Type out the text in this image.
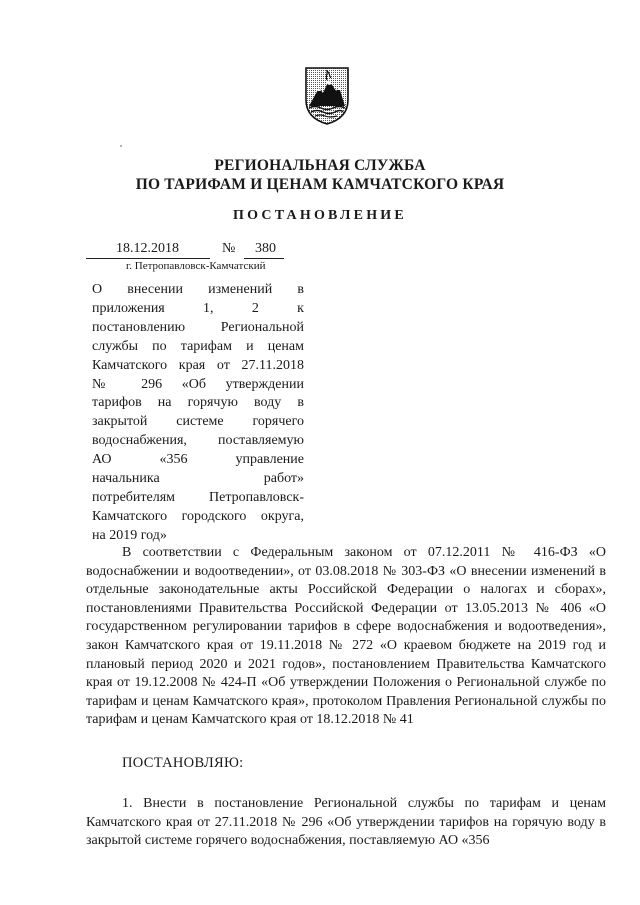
РЕГИОНАЛЬНАЯ СЛУЖБА
ПО ТАРИФАМ И ЦЕНАМ КАМЧАТСКОГО КРАЯ
ПОСТАНОВЛЕНИЕ
18.12.2018	№ 380
г. Петропавловск-Камчатский
О внесении изменений в
приложения 1, 2 к
постановлению Региональной
службы по тарифам и ценам
Камчатского края от 27.11.2018
№ 296 «Об утверждении
тарифов на горячую воду в
закрытой системе горячего
водоснабжения, поставляемую
АО «356 управление
начальника работ»
потребителям Петропавловск-
Камчатского городского округа,
на 2019 год»
В соответствии с Федеральным законом от 07.12.2011 № 416-ФЗ «О водоснабжении и водоотведении», от 03.08.2018 № 303-ФЗ «О внесении изменений в отдельные законодательные акты Российской Федерации о налогах и сборах», постановлениями Правительства Российской Федерации от 13.05.2013 № 406 «О государственном регулировании тарифов в сфере водоснабжения и водоотведения», закон Камчатского края от 19.11.2018 № 272 «О краевом бюджете на 2019 год и плановый период 2020 и 2021 годов», постановлением Правительства Камчатского края от 19.12.2008 № 424-П «Об утверждении Положения о Региональной службе по тарифам и ценам Камчатского края», протоколом Правления Региональной службы по тарифам и ценам Камчатского края от 18.12.2018 № 41
ПОСТАНОВЛЯЮ:
1. Внести в постановление Региональной службы по тарифам и ценам Камчатского края от 27.11.2018 № 296 «Об утверждении тарифов на горячую воду в закрытой системе горячего водоснабжения, поставляемую АО «356
